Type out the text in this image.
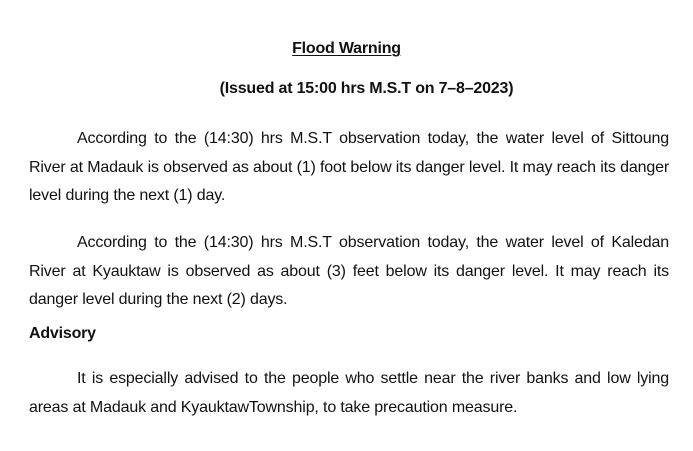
Flood Warning
(Issued at 15:00 hrs M.S.T on 7–8–2023)

According to the (14:30) hrs M.S.T observation today, the water level of Sittoung River at Madauk is observed as about (1) foot below its danger level. It may reach its danger level during the next (1) day.

According to the (14:30) hrs M.S.T observation today, the water level of Kaledan River at Kyauktaw is observed as about (3) feet below its danger level. It may reach its danger level during the next (2) days.

Advisory

It is especially advised to the people who settle near the river banks and low lying areas at Madauk and KyauktawTownship, to take precaution measure.
